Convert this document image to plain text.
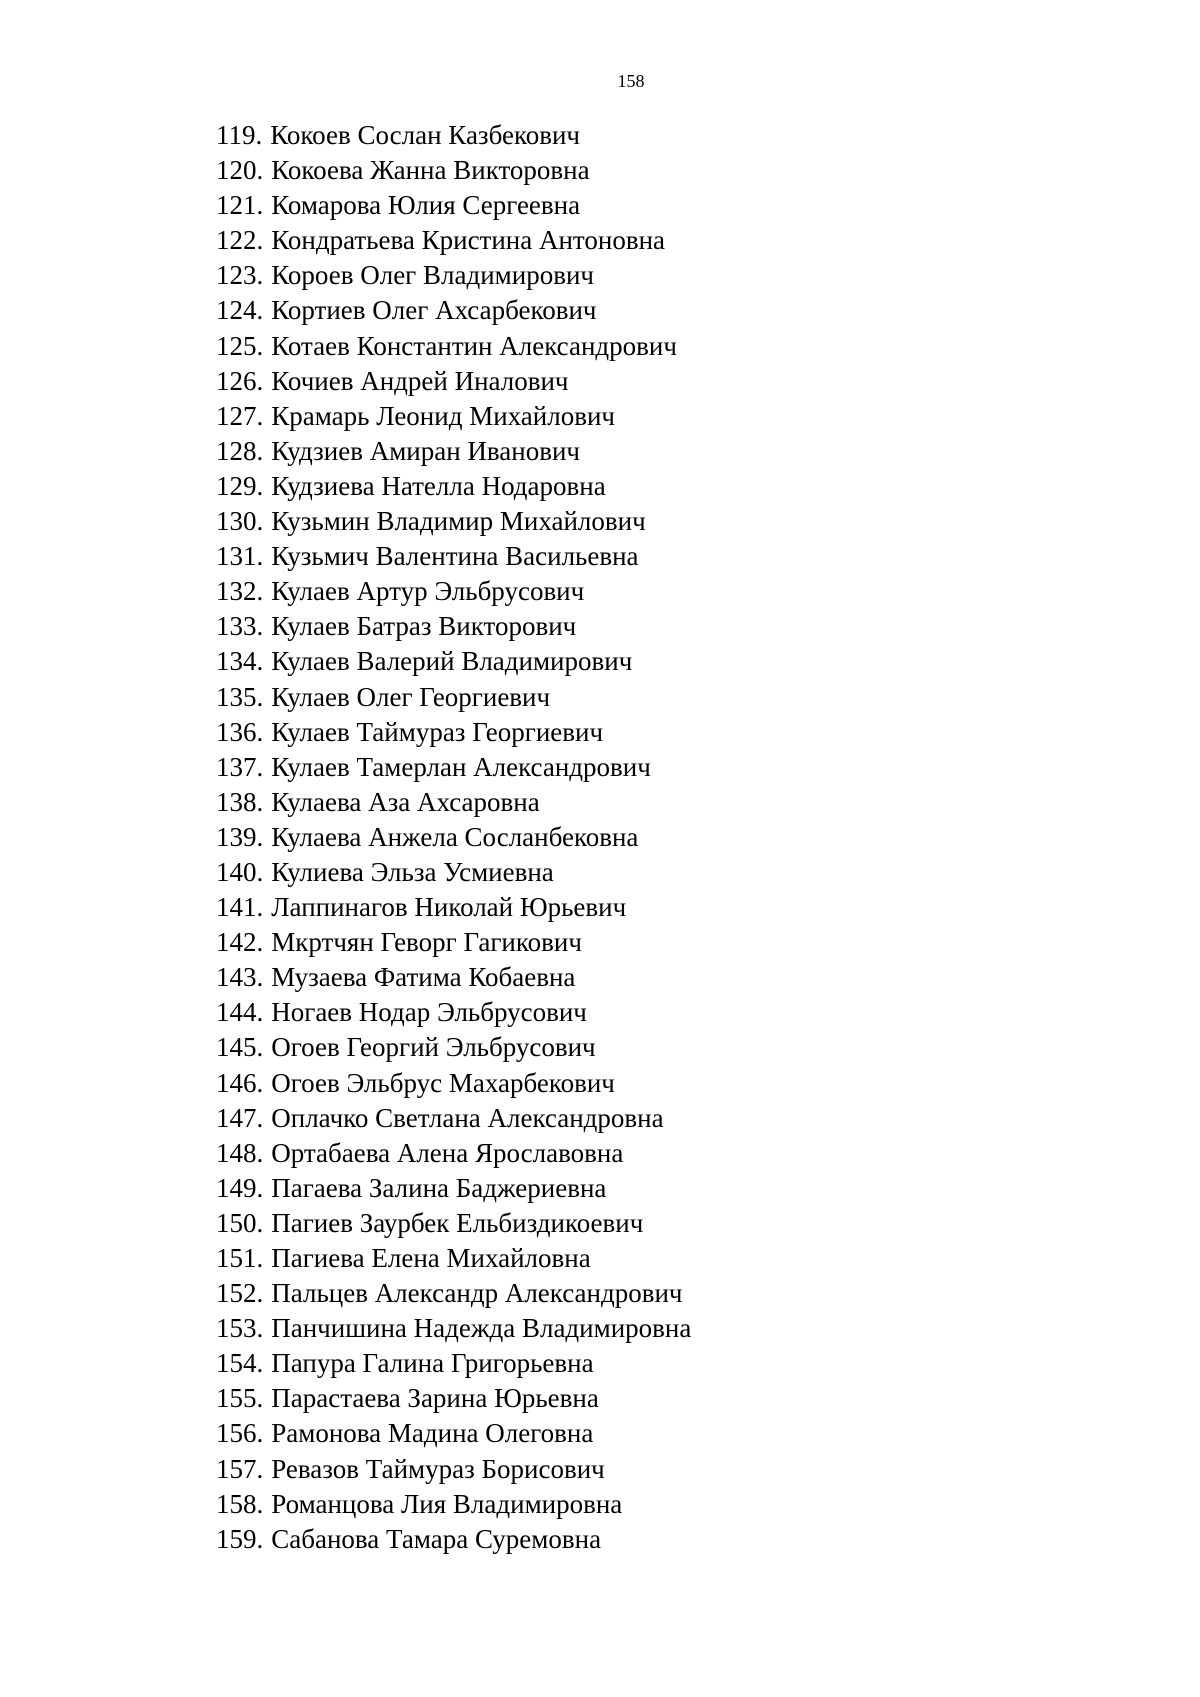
158
119. Кокоев Сослан Казбекович
120. Кокоева Жанна Викторовна
121. Комарова Юлия Сергеевна
122. Кондратьева Кристина Антоновна
123. Короев Олег Владимирович
124. Кортиев Олег Ахсарбекович
125. Котаев Константин Александрович
126. Кочиев Андрей Иналович
127. Крамарь Леонид Михайлович
128. Кудзиев Амиран Иванович
129. Кудзиева Нателла Нодаровна
130. Кузьмин Владимир Михайлович
131. Кузьмич Валентина Васильевна
132. Кулаев Артур Эльбрусович
133. Кулаев Батраз Викторович
134. Кулаев Валерий Владимирович
135. Кулаев Олег Георгиевич
136. Кулаев Таймураз Георгиевич
137. Кулаев Тамерлан Александрович
138. Кулаева Аза Ахсаровна
139. Кулаева Анжела Сосланбековна
140. Кулиева Эльза Усмиевна
141. Лаппинагов Николай Юрьевич
142. Мкртчян Геворг Гагикович
143. Музаева Фатима Кобаевна
144. Ногаев Нодар Эльбрусович
145. Огоев Георгий Эльбрусович
146. Огоев Эльбрус Махарбекович
147. Оплачко Светлана Александровна
148. Ортабаева Алена Ярославовна
149. Пагаева Залина Баджериевна
150. Пагиев Заурбек Ельбиздикоевич
151. Пагиева Елена Михайловна
152. Пальцев Александр Александрович
153. Панчишина Надежда Владимировна
154. Папура Галина Григорьевна
155. Парастаева Зарина Юрьевна
156. Рамонова Мадина Олеговна
157. Ревазов Таймураз Борисович
158. Романцова Лия Владимировна
159. Сабанова Тамара Суремовна
